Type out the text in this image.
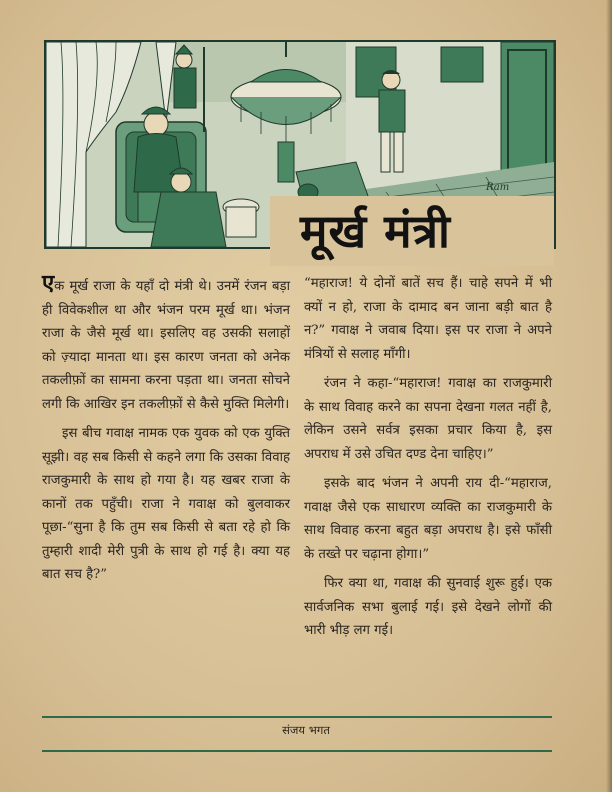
Ram
मूर्ख मंत्री

एक मूर्ख राजा के यहाँ दो मंत्री थे। उनमें रंजन बड़ा ही विवेकशील था और भंजन परम मूर्ख था। भंजन राजा के जैसे मूर्ख था। इसलिए वह उसकी सलाहों को ज़्यादा मानता था। इस कारण जनता को अनेक तकलीफ़ों का सामना करना पड़ता था। जनता सोचने लगी कि आखिर इन तकलीफ़ों से कैसे मुक्ति मिलेगी।

इस बीच गवाक्ष नामक एक युवक को एक युक्ति सूझी। वह सब किसी से कहने लगा कि उसका विवाह राजकुमारी के साथ हो गया है। यह खबर राजा के कानों तक पहुँची। राजा ने गवाक्ष को बुलवाकर पूछा-“सुना है कि तुम सब किसी से बता रहे हो कि तुम्हारी शादी मेरी पुत्री के साथ हो गई है। क्या यह बात सच है?”

“महाराज! ये दोनों बातें सच हैं। चाहे सपने में भी क्यों न हो, राजा के दामाद बन जाना बड़ी बात है न?” गवाक्ष ने जवाब दिया। इस पर राजा ने अपने मंत्रियों से सलाह माँगी।

रंजन ने कहा-“महाराज! गवाक्ष का राजकुमारी के साथ विवाह करने का सपना देखना गलत नहीं है, लेकिन उसने सर्वत्र इसका प्रचार किया है, इस अपराध में उसे उचित दण्ड देना चाहिए।”

इसके बाद भंजन ने अपनी राय दी-“महाराज, गवाक्ष जैसे एक साधारण व्यक्ति का राजकुमारी के साथ विवाह करना बहुत बड़ा अपराध है। इसे फाँसी के तख्ते पर चढ़ाना होगा।”

फिर क्या था, गवाक्ष की सुनवाई शुरू हुई। एक सार्वजनिक सभा बुलाई गई। इसे देखने लोगों की भारी भीड़ लग गई।

संजय भगत
